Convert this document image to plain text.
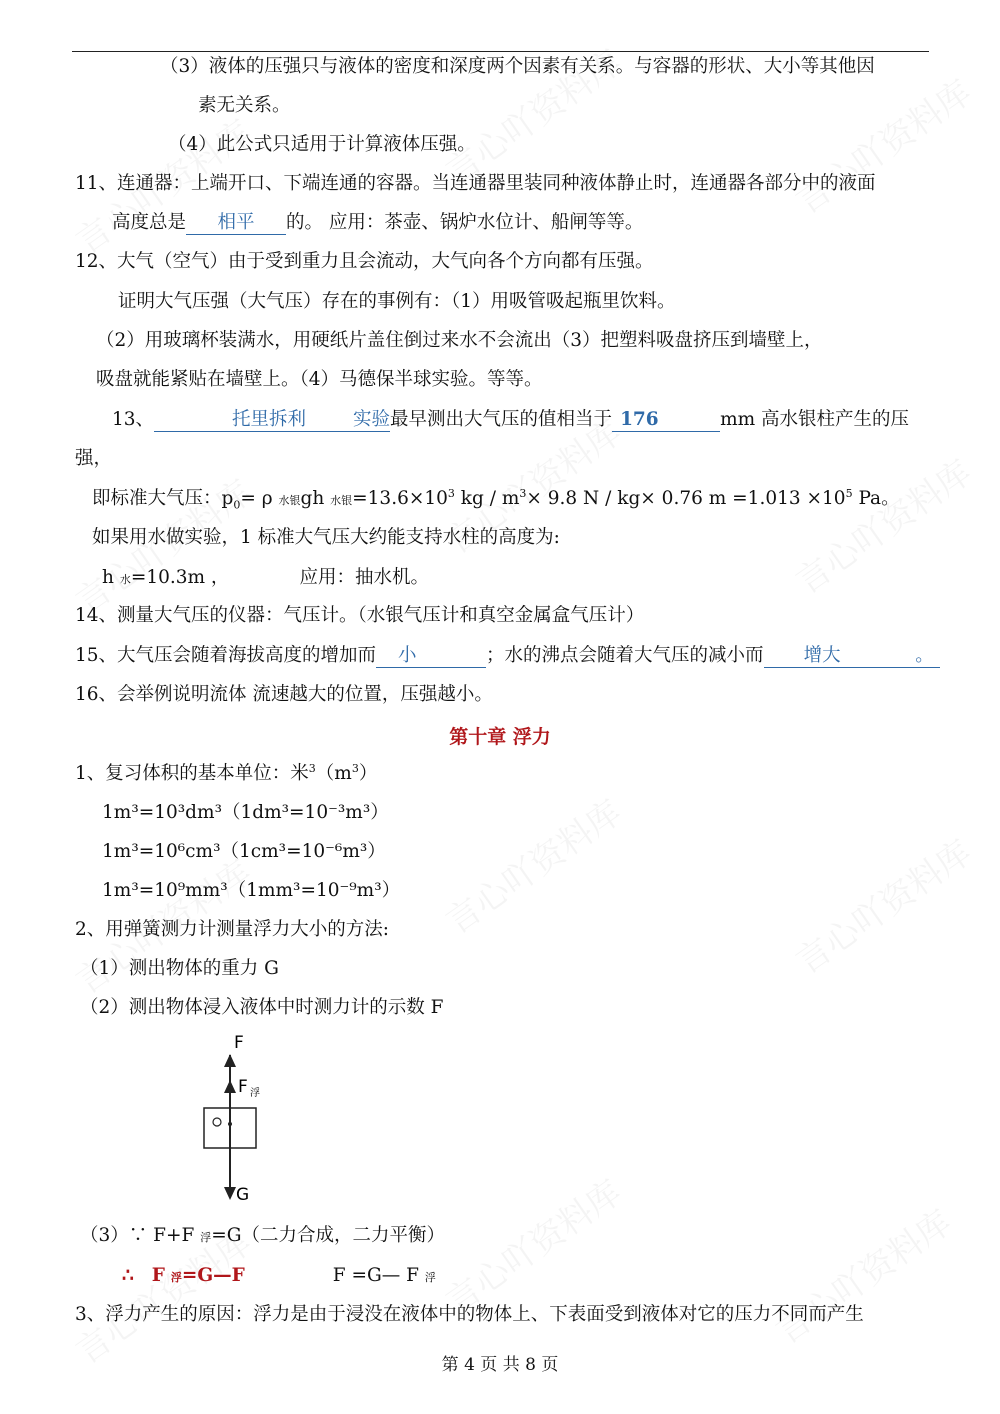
（3）液体的压强只与液体的密度和深度两个因素有关系。与容器的形状、大小等其他因
素无关系。
（4）此公式只适用于计算液体压强。
11、连通器：上端开口、下端连通的容器。当连通器里装同种液体静止时，连通器各部分中的液面
高度总是 相平 的。 应用：茶壶、锅炉水位计、船闸等等。
12、大气（空气）由于受到重力且会流动，大气向各个方向都有压强。
证明大气压强（大气压）存在的事例有：（1）用吸管吸起瓶里饮料。
（2）用玻璃杯装满水，用硬纸片盖住倒过来水不会流出（3）把塑料吸盘挤压到墙壁上，
吸盘就能紧贴在墙壁上。（4）马德保半球实验。等等。
13、	托里拆利	实验最早测出大气压的值相当于 176	mm 高水银柱产生的压
强，
即标准大气压：$p_0= \rho$ 水银gh 水银$=13.6\times 10^3$ kg / $m^3\times 9.8$ N / kg× 0.76 $m =1.013 \times 10^5$ Pa。
如果用水做实验，1 标准大气压大约能支持水柱的高度为:
h 水=10.3m ，	应用：抽水机。
14、测量大气压的仪器：气压计。（水银气压计和真空金属盒气压计）
15、大气压会随着海拔高度的增加而 小	；水的沸点会随着大气压的减小而 增大	。
16、会举例说明流体 流速越大的位置，压强越小。
第十章 浮力
1、复习体积的基本单位：米$^3(m^3)$
1m³=10³dm³（1dm³=10⁻³m³）
1m³=10⁶cm³（1cm³=10⁻⁶m³）
1m³=10⁹mm³（1mm³=10⁻⁹m³）
2、用弹簧测力计测量浮力大小的方法:
（1）测出物体的重力 G
（2）测出物体浸入液体中时测力计的示数 F
F
F 浮
G
（3）∵ F+F 浮=G（二力合成，二力平衡）
∴ F 浮=G—F	F =G— F 浮
3、浮力产生的原因：浮力是由于浸没在液体中的物体上、下表面受到液体对它的压力不同而产生
第 4 页 共 8 页
